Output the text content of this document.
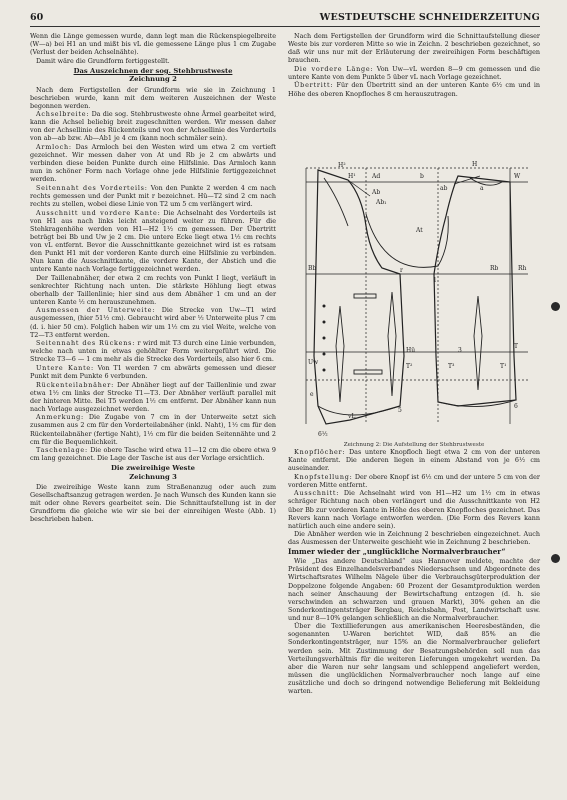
60	WESTDEUTSCHE SCHNEIDERZEITUNG

Wenn die Länge gemessen wurde, dann legt man die Rückenspiegelbreite (W—a) bei H1 an und mißt bis vL die gemessene Länge plus 1 cm Zugabe (Verlust der beiden Achselnähte).

Damit wäre die Grundform fertiggestellt.

Das Auszeichnen der sog. Stehbrustweste
Zeichnung 2

Nach dem Fertigstellen der Grundform wie sie in Zeichnung 1 beschrieben wurde, kann mit dem weiteren Auszeichnen der Weste begonnen werden.

Achselbreite: Da die sog. Stehbrustweste ohne Ärmel gearbeitet wird, kann die Achsel beliebig breit zugeschnitten werden. Wir messen daher von der Achsellinie des Rückenteils und von der Achsellinie des Vorderteils von ab—ab bzw. Ab—Ab1 je 4 cm (kann noch schmäler sein).

Armloch: Das Armloch bei den Westen wird um etwa 2 cm vertieft gezeichnet. Wir messen daher von At und Rb je 2 cm abwärts und verbinden diese beiden Punkte durch eine Hilfslinie. Das Armloch kann nun in schöner Form nach Vorlage ohne jede Hilfslinie fertiggezeichnet werden.

Seitennaht des Vorderteils: Von den Punkte 2 werden 4 cm nach rechts gemessen und der Punkt mit r bezeichnet. Hü—T2 sind 2 cm nach rechts zu stellen, wobei diese Linie von T2 um 5 cm verlängert wird.

Ausschnitt und vordere Kante: Die Achselnaht des Vorderteils ist von H1 aus nach links leicht ansteigend weiter zu führen. Für die Stehkragenhöhe werden von H1—H2 1½ cm gemessen. Der Übertritt beträgt bei Bb und Uw je 2 cm. Die untere Ecke liegt etwa 1½ cm rechts von vL entfernt. Bevor die Ausschnittkante gezeichnet wird ist es ratsam den Punkt H1 mit der vorderen Kante durch eine Hilfslinie zu verbinden. Nun kann die Ausschnittkante, die vordere Kante, der Abstich und die untere Kante nach Vorlage fertiggezeichnet werden.

Der Taillenabnäher, der etwa 2 cm rechts von Punkt I liegt, verläuft in senkrechter Richtung nach unten. Die stärkste Höhlung liegt etwas oberhalb der Taillenlinie; hier sind aus dem Abnäher 1 cm und an der unteren Kante ½ cm herauszunehmen.

Ausmessen der Unterweite: Die Strecke von Uw—T1 wird ausgemessen, (hier 51½ cm). Gebraucht wird aber ½ Unterweite plus 7 cm (d. i. hier 50 cm). Folglich haben wir um 1½ cm zu viel Weite, welche von T2—T3 entfernt werden.

Seitennaht des Rückens: r wird mit T3 durch eine Linie verbunden, welche nach unten in etwas gehöhlter Form weitergeführt wird. Die Strecke T3—6 — 1 cm mehr als die Strecke des Vorderteils, also hier 6 cm.

Untere Kante: Von T1 werden 7 cm abwärts gemessen und dieser Punkt mit dem Punkte 6 verbunden.

Rückenteilabnäher: Der Abnäher liegt auf der Taillenlinie und zwar etwa 1½ cm links der Strecke T1—T3. Der Abnäher verläuft parallel mit der hinteren Mitte. Bei T5 werden 1½ cm entfernt. Der Abnäher kann nun nach Vorlage ausgezeichnet werden.

Anmerkung: Die Zugabe von 7 cm in der Unterweite setzt sich zusammen aus 2 cm für den Vorderteilabnäher (inkl. Naht), 1½ cm für den Rückenteilabnäher (fertige Naht), 1½ cm für die beiden Seitennähte und 2 cm für die Bequemlichkeit.

Taschenlage: Die obere Tasche wird etwa 11—12 cm die obere etwa 9 cm lang gezeichnet. Die Lage der Tasche ist aus der Vorlage ersichtlich.

Die zweireihige Weste
Zeichnung 3

Die zweireihige Weste kann zum Straßenanzug oder auch zum Gesellschaftsanzug getragen werden. Je nach Wunsch des Kunden kann sie mit oder ohne Revers gearbeitet sein. Die Schnittaufstellung ist in der Grundform die gleiche wie wir sie bei der einreihigen Weste (Abb. 1) beschrieben haben.

Nach dem Fertigstellen der Grundform wird die Schnittaufstellung dieser Weste bis zur vorderen Mitte so wie in Zeichn. 2 beschrieben gezeichnet, so daß wir uns nur mit der Erläuterung der zweireihigen Form beschäftigen brauchen.

Die vordere Länge: Von Uw—vL werden 8—9 cm gemessen und die untere Kante von dem Punkte 5 über vL nach Vorlage gezeichnet.

Übertritt: Für den Übertritt sind an der unteren Kante 6½ cm und in Höhe des oberen Knopfloches 8 cm herauszutragen.

H²
H¹	Ad	b
H
ab	a
W
Ab
Ab₁
At
Bb	Rb	Rh
Uw
T²	T³	T¹
Hü
T
vL
6½
5
6
3
r
l
e
Zeichnung 2: Die Aufstellung der Stehbrustweste

Knopflöcher: Das untere Knopfloch liegt etwa 2 cm von der unteren Kante entfernt. Die anderen liegen in einem Abstand von je 6½ cm auseinander.

Knopfstellung: Der obere Knopf ist 6½ cm und der untere 5 cm von der vorderen Mitte entfernt.

Ausschnitt: Die Achselnaht wird von H1—H2 um 1½ cm in etwas schräger Richtung nach oben verlängert und die Ausschnittkante von H2 über Bb zur vorderen Kante in Höhe des oberen Knopfloches gezeichnet. Das Revers kann nach Vorlage entworfen werden. (Die Form des Revers kann natürlich auch eine andere sein).

Die Abnäher werden wie in Zeichnung 2 beschrieben eingezeichnet. Auch das Ausmessen der Unterweite geschieht wie in Zeichnung 2 beschrieben.

Immer wieder der „unglückliche Normalverbraucher“

Wie „Das andere Deutschland“ aus Hannover meldete, machte der Präsident des Einzelhandelsverbandes Niedersachsen und Abgeordnete des Wirtschaftsrates Wilhelm Nägele über die Verbrauchsgüterproduktion der Doppelzone folgende Angaben: 60 Prozent der Gesamtproduktion werden nach seiner Anschauung der Bewirtschaftung entzogen (d. h. sie verschwinden an schwarzen und grauen Markt), 30% gehen an die Sonderkontingentsträger Bergbau, Reichsbahn, Post, Landwirtschaft usw. und nur 8—10% gelangen schließlich an die Normalverbraucher.

Über die Textillieferungen aus amerikanischen Heeresbeständen, die sogenannten U-Waren berichtet WID, daß 85% an die Sonderkontingentsträger, nur 15% an die Normalverbraucher geliefert werden sein. Mit Zustimmung der Besatzungsbehörden soll nun das Verteilungsverhältnis für die weiteren Lieferungen umgekehrt werden. Da aber die Waren nur sehr langsam und schleppend angeliefert werden, müssen die unglücklichen Normalverbraucher noch lange auf eine zusätzliche und doch so dringend notwendige Belieferung mit Bekleidung warten.
